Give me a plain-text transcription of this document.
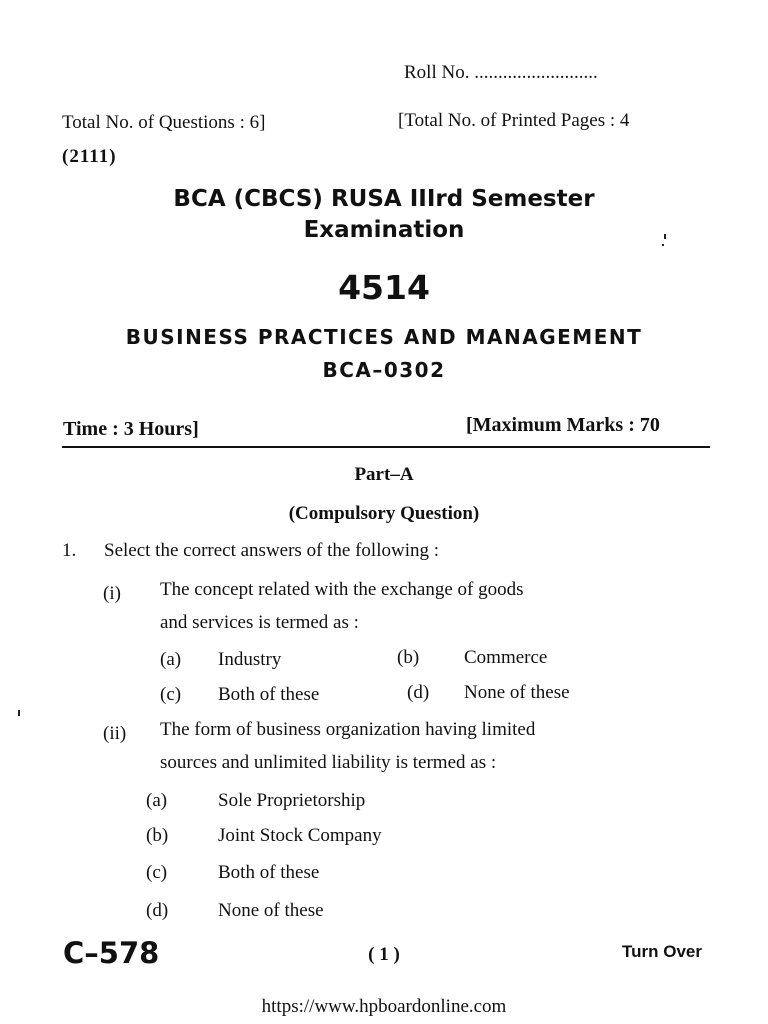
Roll No. ..........................
Total No. of Questions : 6]	[Total No. of Printed Pages : 4
(2111)
BCA (CBCS) RUSA IIIrd Semester
Examination
4514
BUSINESS PRACTICES AND MANAGEMENT
BCA–0302
Time : 3 Hours]	[Maximum Marks : 70
Part–A
(Compulsory Question)
1. Select the correct answers of the following :
(i) The concept related with the exchange of goods
and services is termed as :
(a) Industry	(b) Commerce
(c) Both of these	(d) None of these
(ii) The form of business organization having limited
sources and unlimited liability is termed as :
(a)	Sole Proprietorship
(b)	Joint Stock Company
(c)	Both of these
(d)	None of these
C–578	( 1 )	Turn Over
https://www.hpboardonline.com
